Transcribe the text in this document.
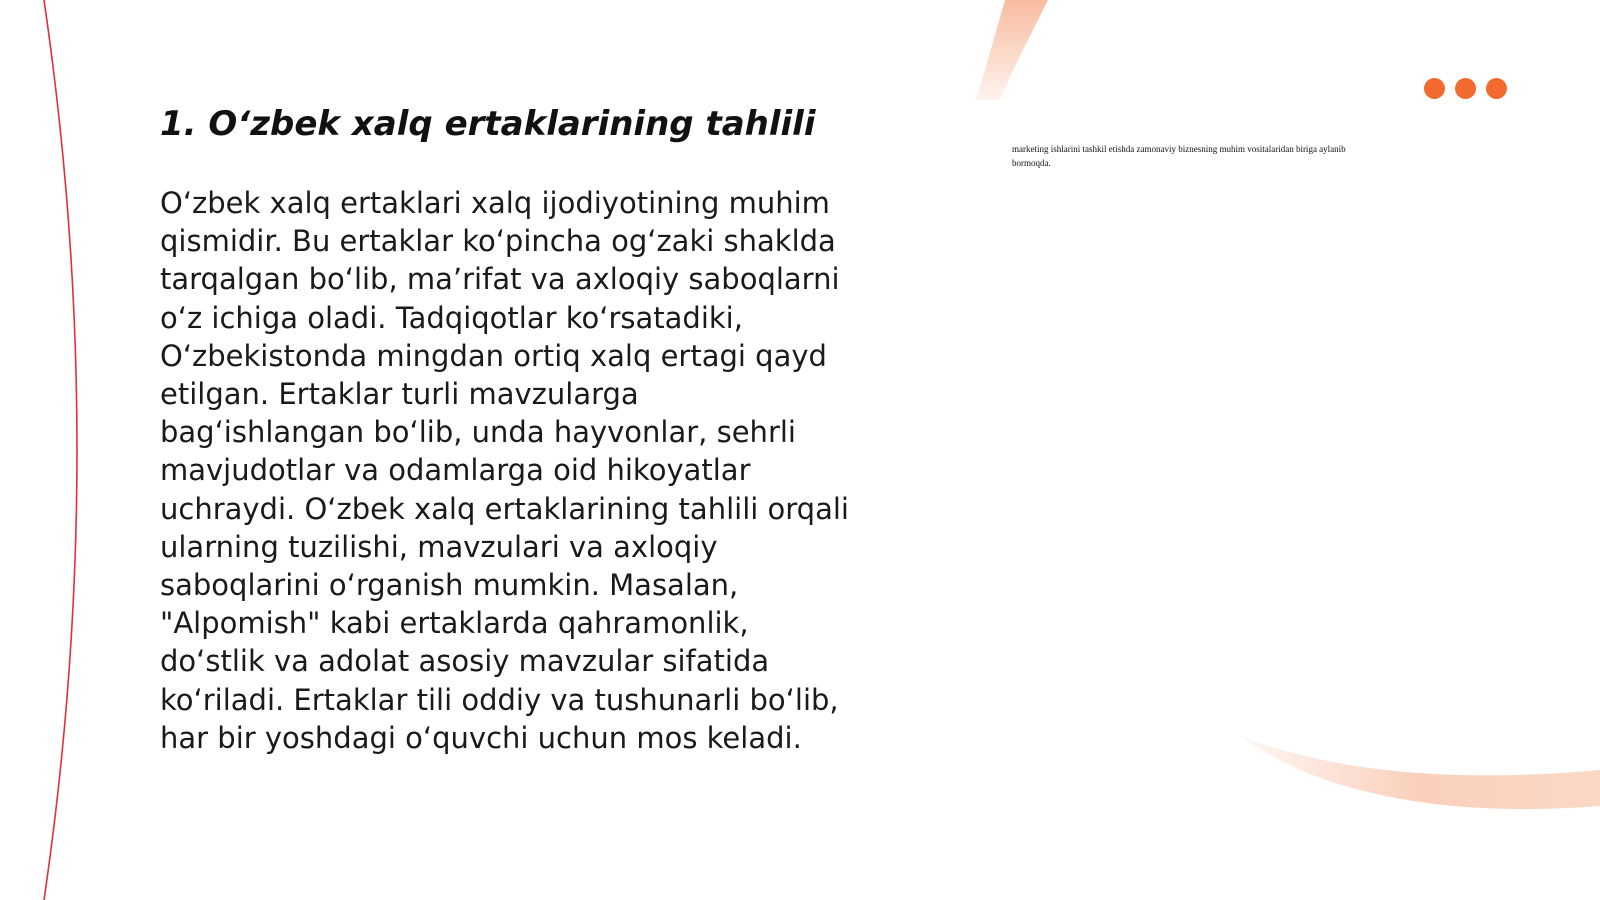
1. O‘zbek xalq ertaklarining tahlili

O‘zbek xalq ertaklari xalq ijodiyotining muhim qismidir. Bu ertaklar ko‘pincha og‘zaki shaklda tarqalgan bo‘lib, ma’rifat va axloqiy saboqlarni o‘z ichiga oladi. Tadqiqotlar ko‘rsatadiki, O‘zbekistonda mingdan ortiq xalq ertagi qayd etilgan. Ertaklar turli mavzularga bag‘ishlangan bo‘lib, unda hayvonlar, sehrli mavjudotlar va odamlarga oid hikoyatlar uchraydi. O‘zbek xalq ertaklarining tahlili orqali ularning tuzilishi, mavzulari va axloqiy saboqlarini o‘rganish mumkin. Masalan, "Alpomish" kabi ertaklarda qahramonlik, do‘stlik va adolat asosiy mavzular sifatida ko‘riladi. Ertaklar tili oddiy va tushunarli bo‘lib, har bir yoshdagi o‘quvchi uchun mos keladi.

marketing ishlarini tashkil etishda zamonaviy biznesning muhim vositalaridan biriga aylanib bormoqda.
